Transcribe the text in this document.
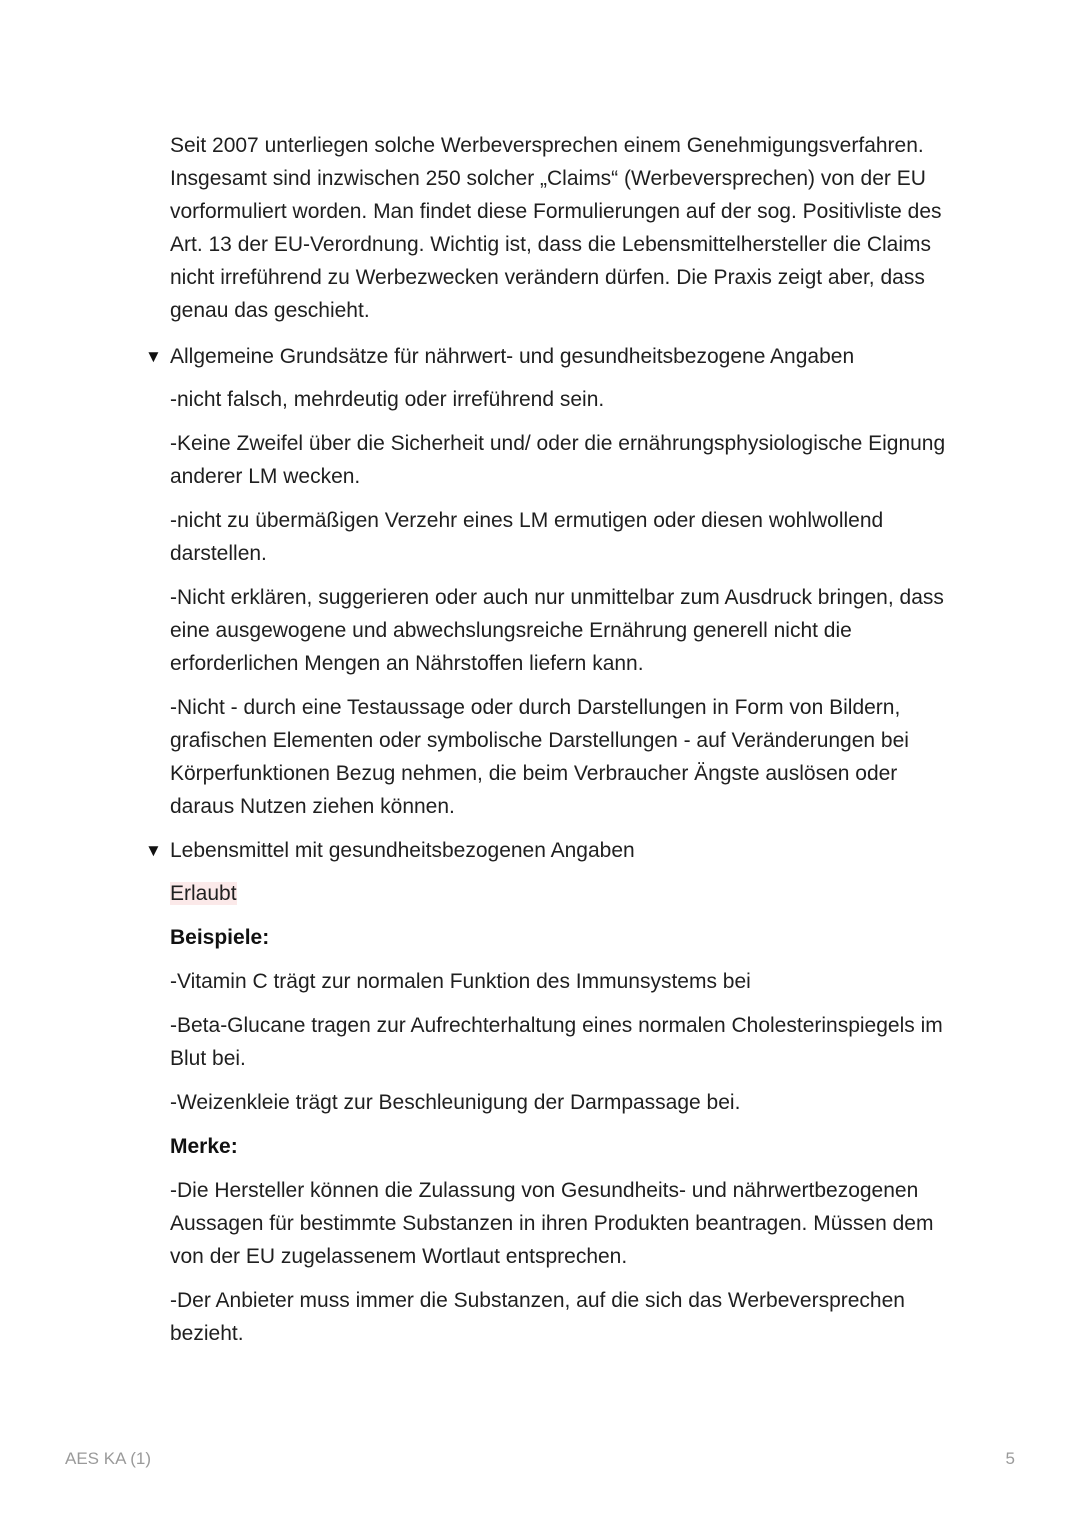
Seit 2007 unterliegen solche Werbeversprechen einem Genehmigungsverfahren. Insgesamt sind inzwischen 250 solcher „Claims“ (Werbeversprechen) von der EU vorformuliert worden. Man findet diese Formulierungen auf der sog. Positivliste des Art. 13 der EU-Verordnung. Wichtig ist, dass die Lebensmittelhersteller die Claims nicht irreführend zu Werbezwecken verändern dürfen. Die Praxis zeigt aber, dass genau das geschieht.

▼ Allgemeine Grundsätze für nährwert- und gesundheitsbezogene Angaben

-nicht falsch, mehrdeutig oder irreführend sein.

-Keine Zweifel über die Sicherheit und/ oder die ernährungsphysiologische Eignung anderer LM wecken.

-nicht zu übermäßigen Verzehr eines LM ermutigen oder diesen wohlwollend darstellen.

-Nicht erklären, suggerieren oder auch nur unmittelbar zum Ausdruck bringen, dass eine ausgewogene und abwechslungsreiche Ernährung generell nicht die erforderlichen Mengen an Nährstoffen liefern kann.

-Nicht - durch eine Testaussage oder durch Darstellungen in Form von Bildern, grafischen Elementen oder symbolische Darstellungen - auf Veränderungen bei Körperfunktionen Bezug nehmen, die beim Verbraucher Ängste auslösen oder daraus Nutzen ziehen können.

▼ Lebensmittel mit gesundheitsbezogenen Angaben

Erlaubt

Beispiele:

-Vitamin C trägt zur normalen Funktion des Immunsystems bei

-Beta-Glucane tragen zur Aufrechterhaltung eines normalen Cholesterinspiegels im Blut bei.

-Weizenkleie trägt zur Beschleunigung der Darmpassage bei.

Merke:

-Die Hersteller können die Zulassung von Gesundheits- und nährwertbezogenen Aussagen für bestimmte Substanzen in ihren Produkten beantragen. Müssen dem von der EU zugelassenem Wortlaut entsprechen.

-Der Anbieter muss immer die Substanzen, auf die sich das Werbeversprechen bezieht.

AES KA (1)	5
